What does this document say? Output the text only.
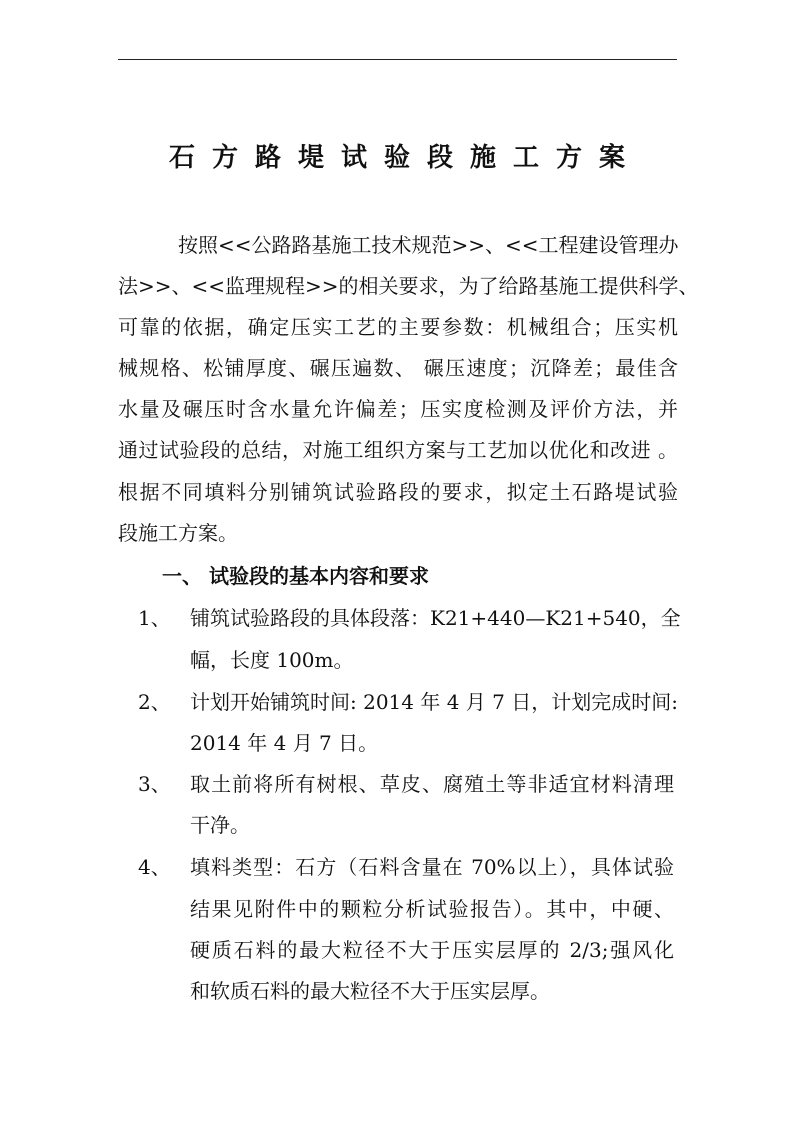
石方路堤试验段施工方案
按照<<公路路基施工技术规范>>、<<工程建设管理办
法>>、<<监理规程>>的相关要求，为了给路基施工提供科学、
可靠的依据，确定压实工艺的主要参数：机械组合；压实机
械规格、松铺厚度、碾压遍数、 碾压速度；沉降差；最佳含
水量及碾压时含水量允许偏差；压实度检测及评价方法，并
通过试验段的总结，对施工组织方案与工艺加以优化和改进 。
根据不同填料分别铺筑试验路段的要求，拟定土石路堤试验
段施工方案。
一、 试验段的基本内容和要求
1、 铺筑试验路段的具体段落：K21+440—K21+540，全
幅，长度 100m。
2、 计划开始铺筑时间: 2014 年 4 月 7 日，计划完成时间:
2014 年 4 月 7 日。
3、 取土前将所有树根、草皮、腐殖土等非适宜材料清理
干净。
4、 填料类型：石方（石料含量在 70%以上），具体试验
结果见附件中的颗粒分析试验报告）。其中，中硬、
硬质石料的最大粒径不大于压实层厚的 2/3;强风化
和软质石料的最大粒径不大于压实层厚。
